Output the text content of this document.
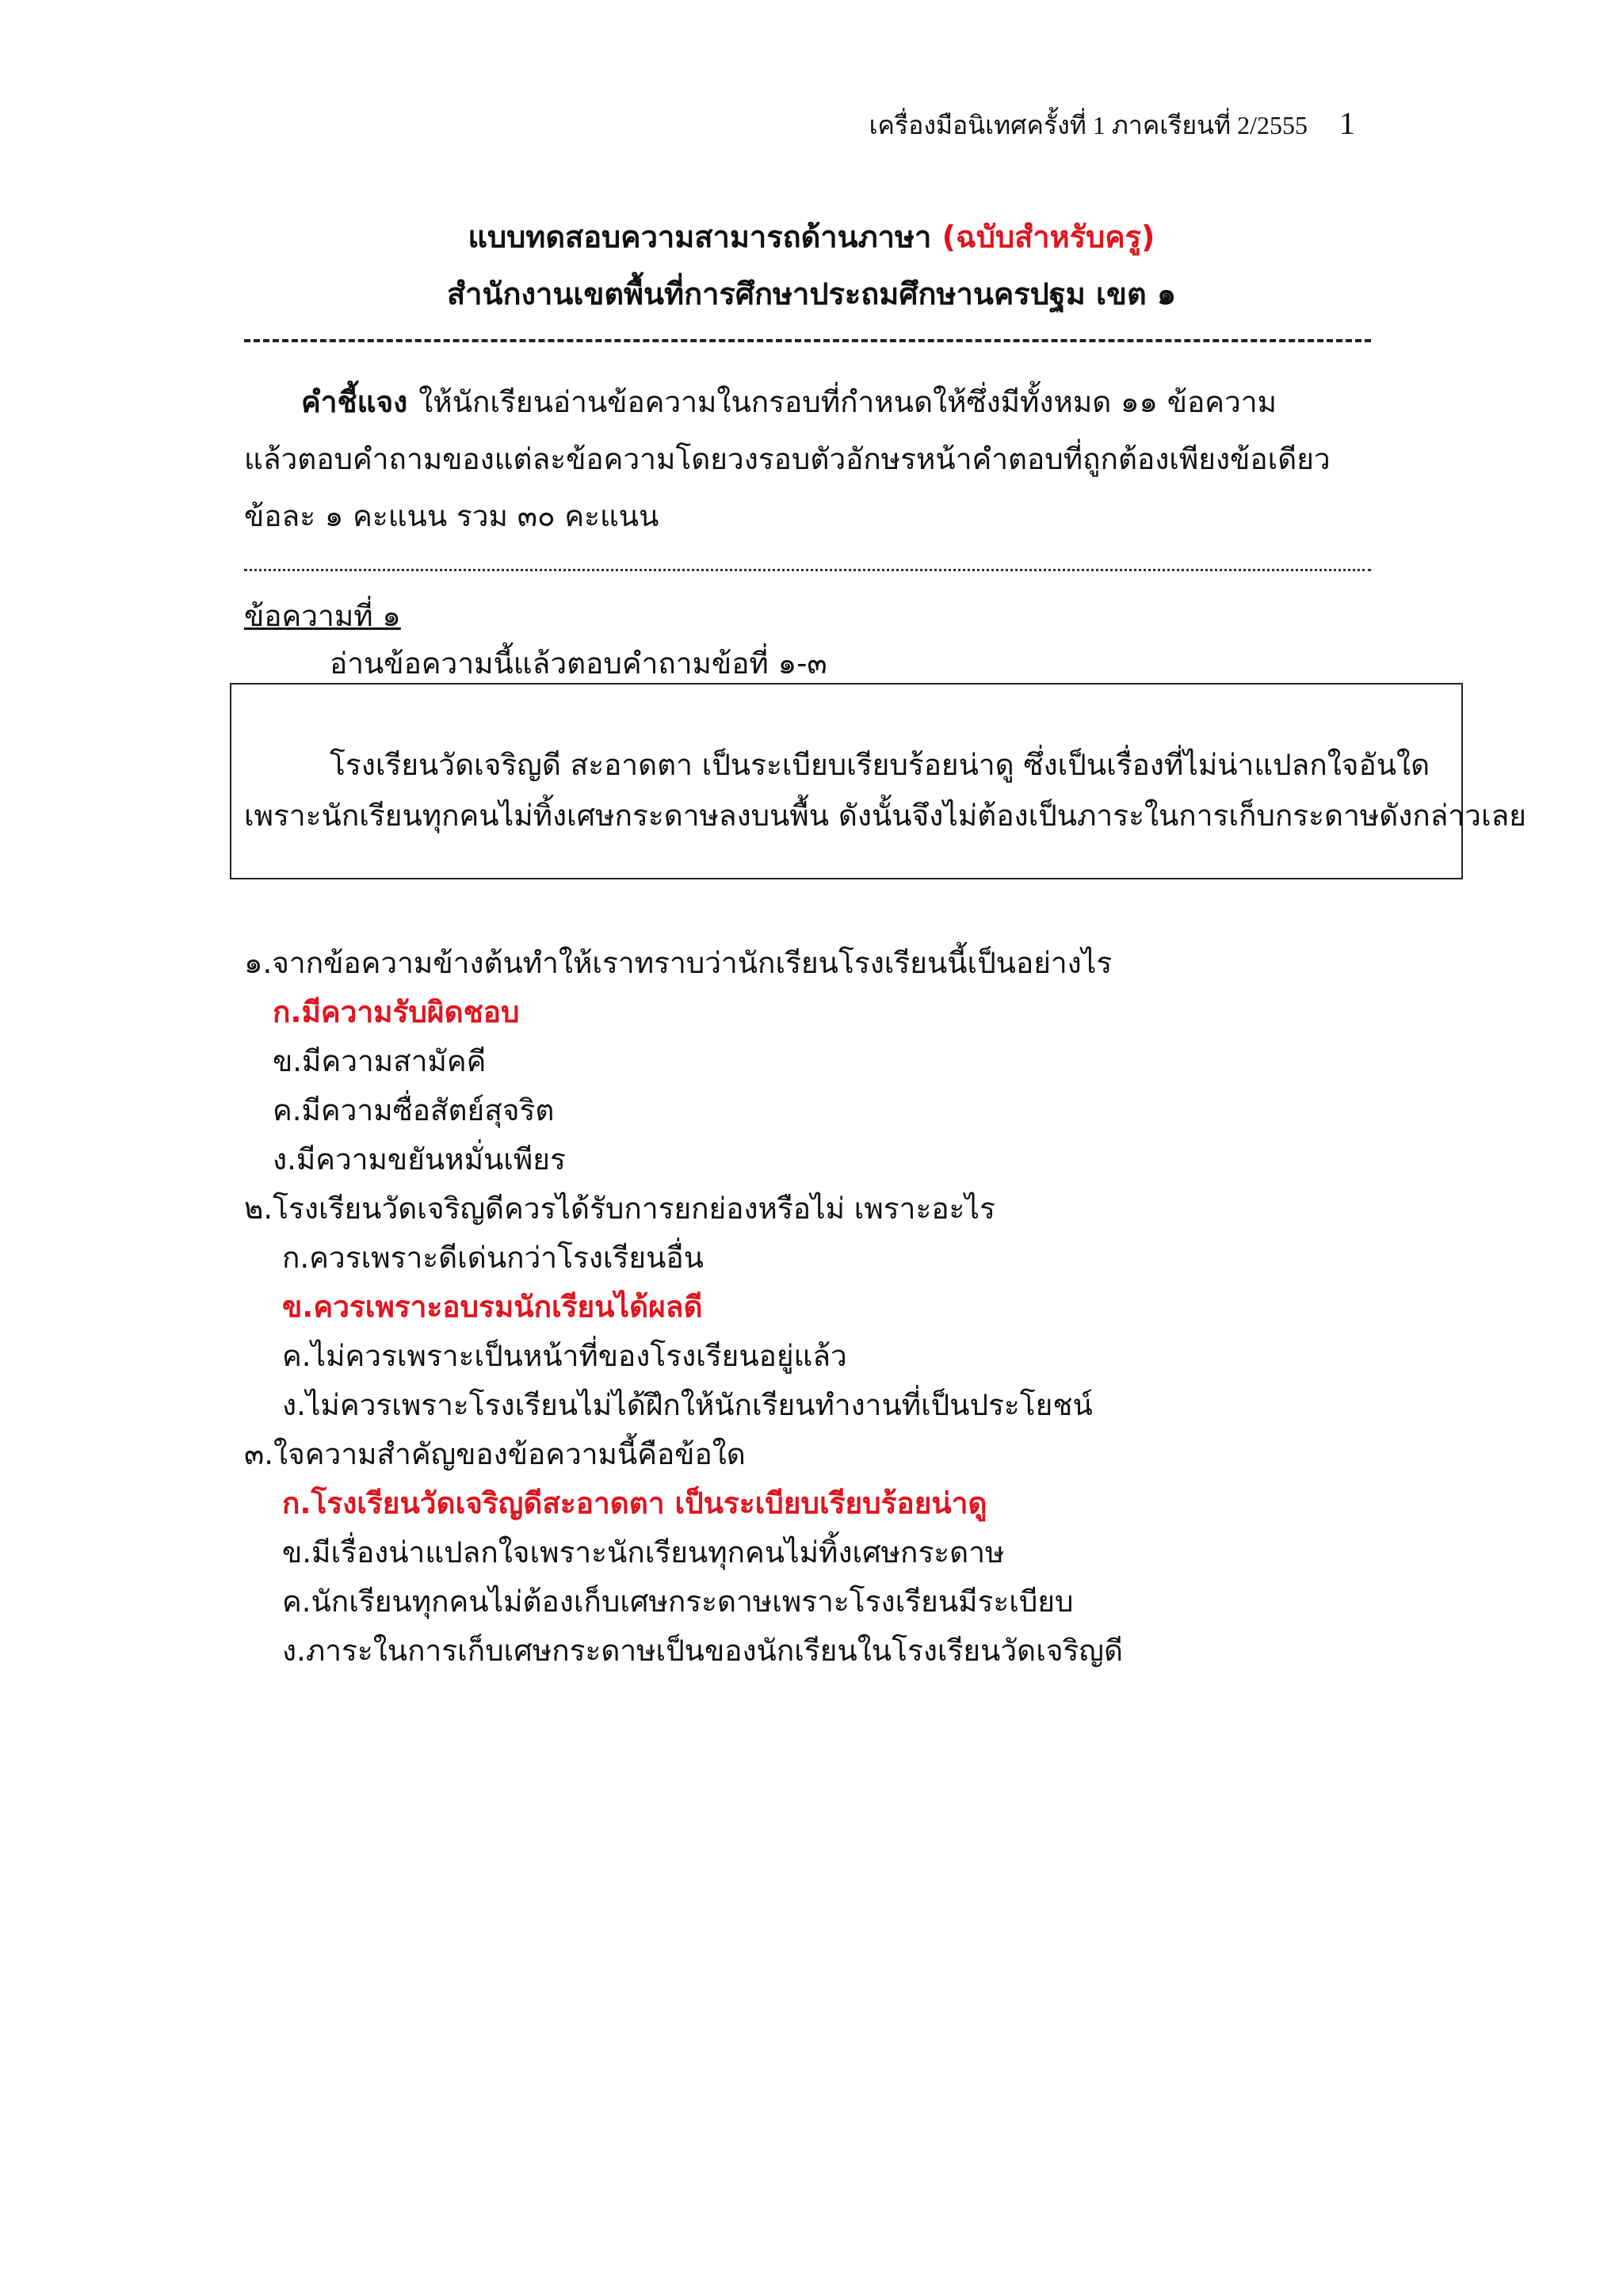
เครื่องมือนิเทศครั้งที่ 1 ภาคเรียนที่ 2/2555 1
แบบทดสอบความสามารถด้านภาษา (ฉบับสำหรับครู)
สำนักงานเขตพื้นที่การศึกษาประถมศึกษานครปฐม เขต ๑
คำชี้แจง ให้นักเรียนอ่านข้อความในกรอบที่กำหนดให้ซึ่งมีทั้งหมด ๑๑ ข้อความ
แล้วตอบคำถามของแต่ละข้อความโดยวงรอบตัวอักษรหน้าคำตอบที่ถูกต้องเพียงข้อเดียว
ข้อละ ๑ คะแนน รวม ๓๐ คะแนน
ข้อความที่ ๑
อ่านข้อความนี้แล้วตอบคำถามข้อที่ ๑-๓
โรงเรียนวัดเจริญดี สะอาดตา เป็นระเบียบเรียบร้อยน่าดู ซึ่งเป็นเรื่องที่ไม่น่าแปลกใจอันใด
เพราะนักเรียนทุกคนไม่ทิ้งเศษกระดาษลงบนพื้น ดังนั้นจึงไม่ต้องเป็นภาระในการเก็บกระดาษดังกล่าวเลย
๑.จากข้อความข้างต้นทำให้เราทราบว่านักเรียนโรงเรียนนี้เป็นอย่างไร
ก.มีความรับผิดชอบ
ข.มีความสามัคคี
ค.มีความซื่อสัตย์สุจริต
ง.มีความขยันหมั่นเพียร
๒.โรงเรียนวัดเจริญดีควรได้รับการยกย่องหรือไม่ เพราะอะไร
ก.ควรเพราะดีเด่นกว่าโรงเรียนอื่น
ข.ควรเพราะอบรมนักเรียนได้ผลดี
ค.ไม่ควรเพราะเป็นหน้าที่ของโรงเรียนอยู่แล้ว
ง.ไม่ควรเพราะโรงเรียนไม่ได้ฝึกให้นักเรียนทำงานที่เป็นประโยชน์
๓.ใจความสำคัญของข้อความนี้คือข้อใด
ก.โรงเรียนวัดเจริญดีสะอาดตา เป็นระเบียบเรียบร้อยน่าดู
ข.มีเรื่องน่าแปลกใจเพราะนักเรียนทุกคนไม่ทิ้งเศษกระดาษ
ค.นักเรียนทุกคนไม่ต้องเก็บเศษกระดาษเพราะโรงเรียนมีระเบียบ
ง.ภาระในการเก็บเศษกระดาษเป็นของนักเรียนในโรงเรียนวัดเจริญดี
